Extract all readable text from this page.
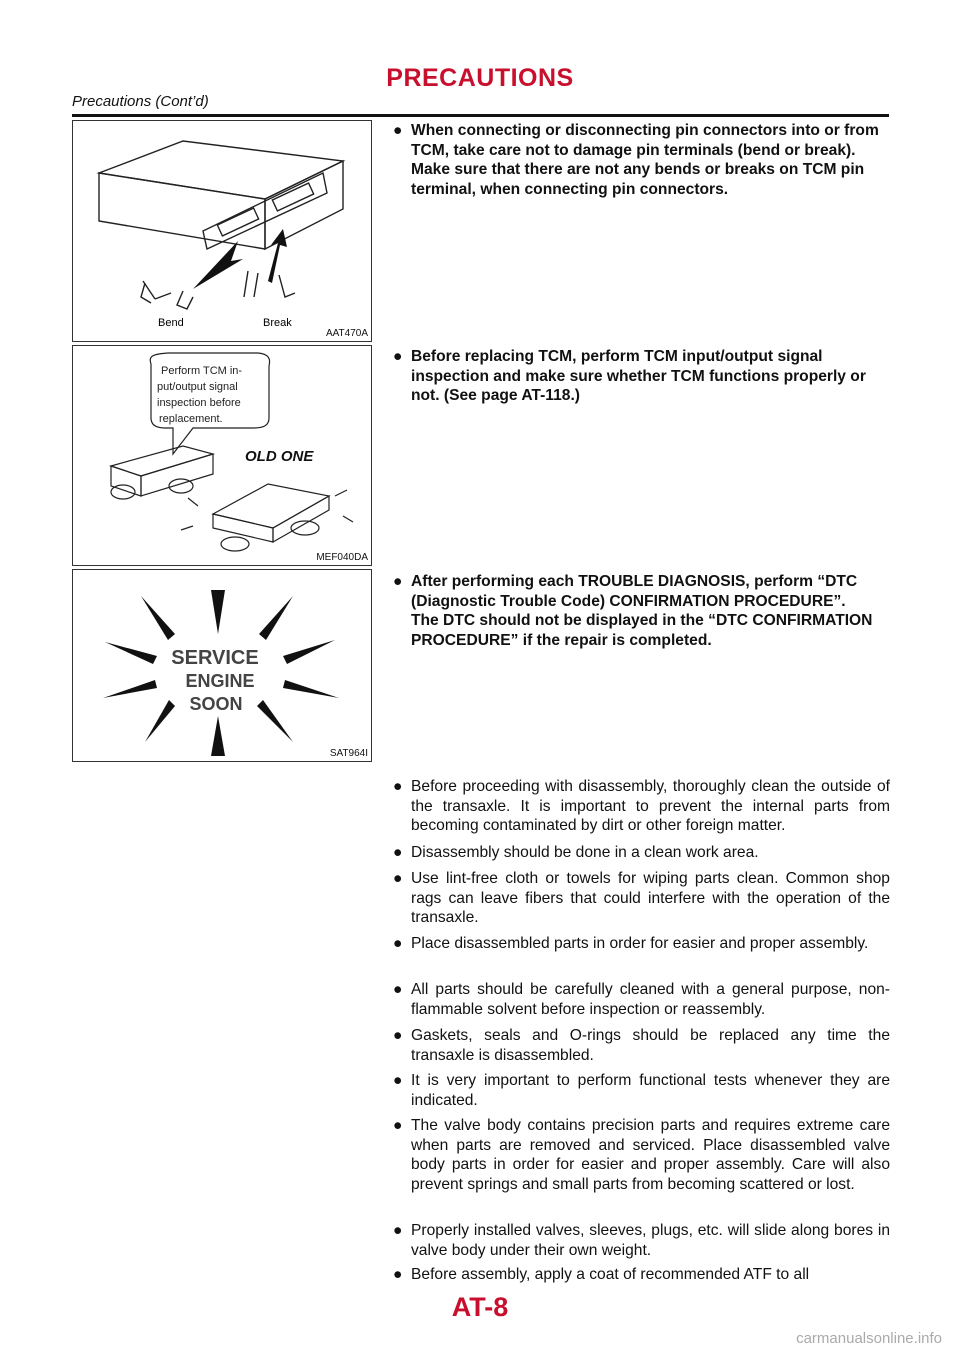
PRECAUTIONS
Precautions (Cont’d)
Bend	Break
AAT470A
Perform TCM in-
put/output signal
inspection before
replacement.
OLD ONE
MEF040DA
SERVICE
ENGINE
SOON
SAT964I
● When connecting or disconnecting pin connectors into or from TCM, take care not to damage pin terminals (bend or break).
Make sure that there are not any bends or breaks on TCM pin terminal, when connecting pin connectors.
● Before replacing TCM, perform TCM input/output signal inspection and make sure whether TCM functions properly or not. (See page AT-118.)
● After performing each TROUBLE DIAGNOSIS, perform “DTC (Diagnostic Trouble Code) CONFIRMATION PROCEDURE”.
The DTC should not be displayed in the “DTC CONFIRMATION PROCEDURE” if the repair is completed.
● Before proceeding with disassembly, thoroughly clean the outside of the transaxle. It is important to prevent the internal parts from becoming contaminated by dirt or other foreign matter.
● Disassembly should be done in a clean work area.
● Use lint-free cloth or towels for wiping parts clean. Common shop rags can leave fibers that could interfere with the operation of the transaxle.
● Place disassembled parts in order for easier and proper assembly.
● All parts should be carefully cleaned with a general purpose, non-flammable solvent before inspection or reassembly.
● Gaskets, seals and O-rings should be replaced any time the transaxle is disassembled.
● It is very important to perform functional tests whenever they are indicated.
● The valve body contains precision parts and requires extreme care when parts are removed and serviced. Place disassembled valve body parts in order for easier and proper assembly. Care will also prevent springs and small parts from becoming scattered or lost.
● Properly installed valves, sleeves, plugs, etc. will slide along bores in valve body under their own weight.
● Before assembly, apply a coat of recommended ATF to all
AT-8
carmanualsonline.info
